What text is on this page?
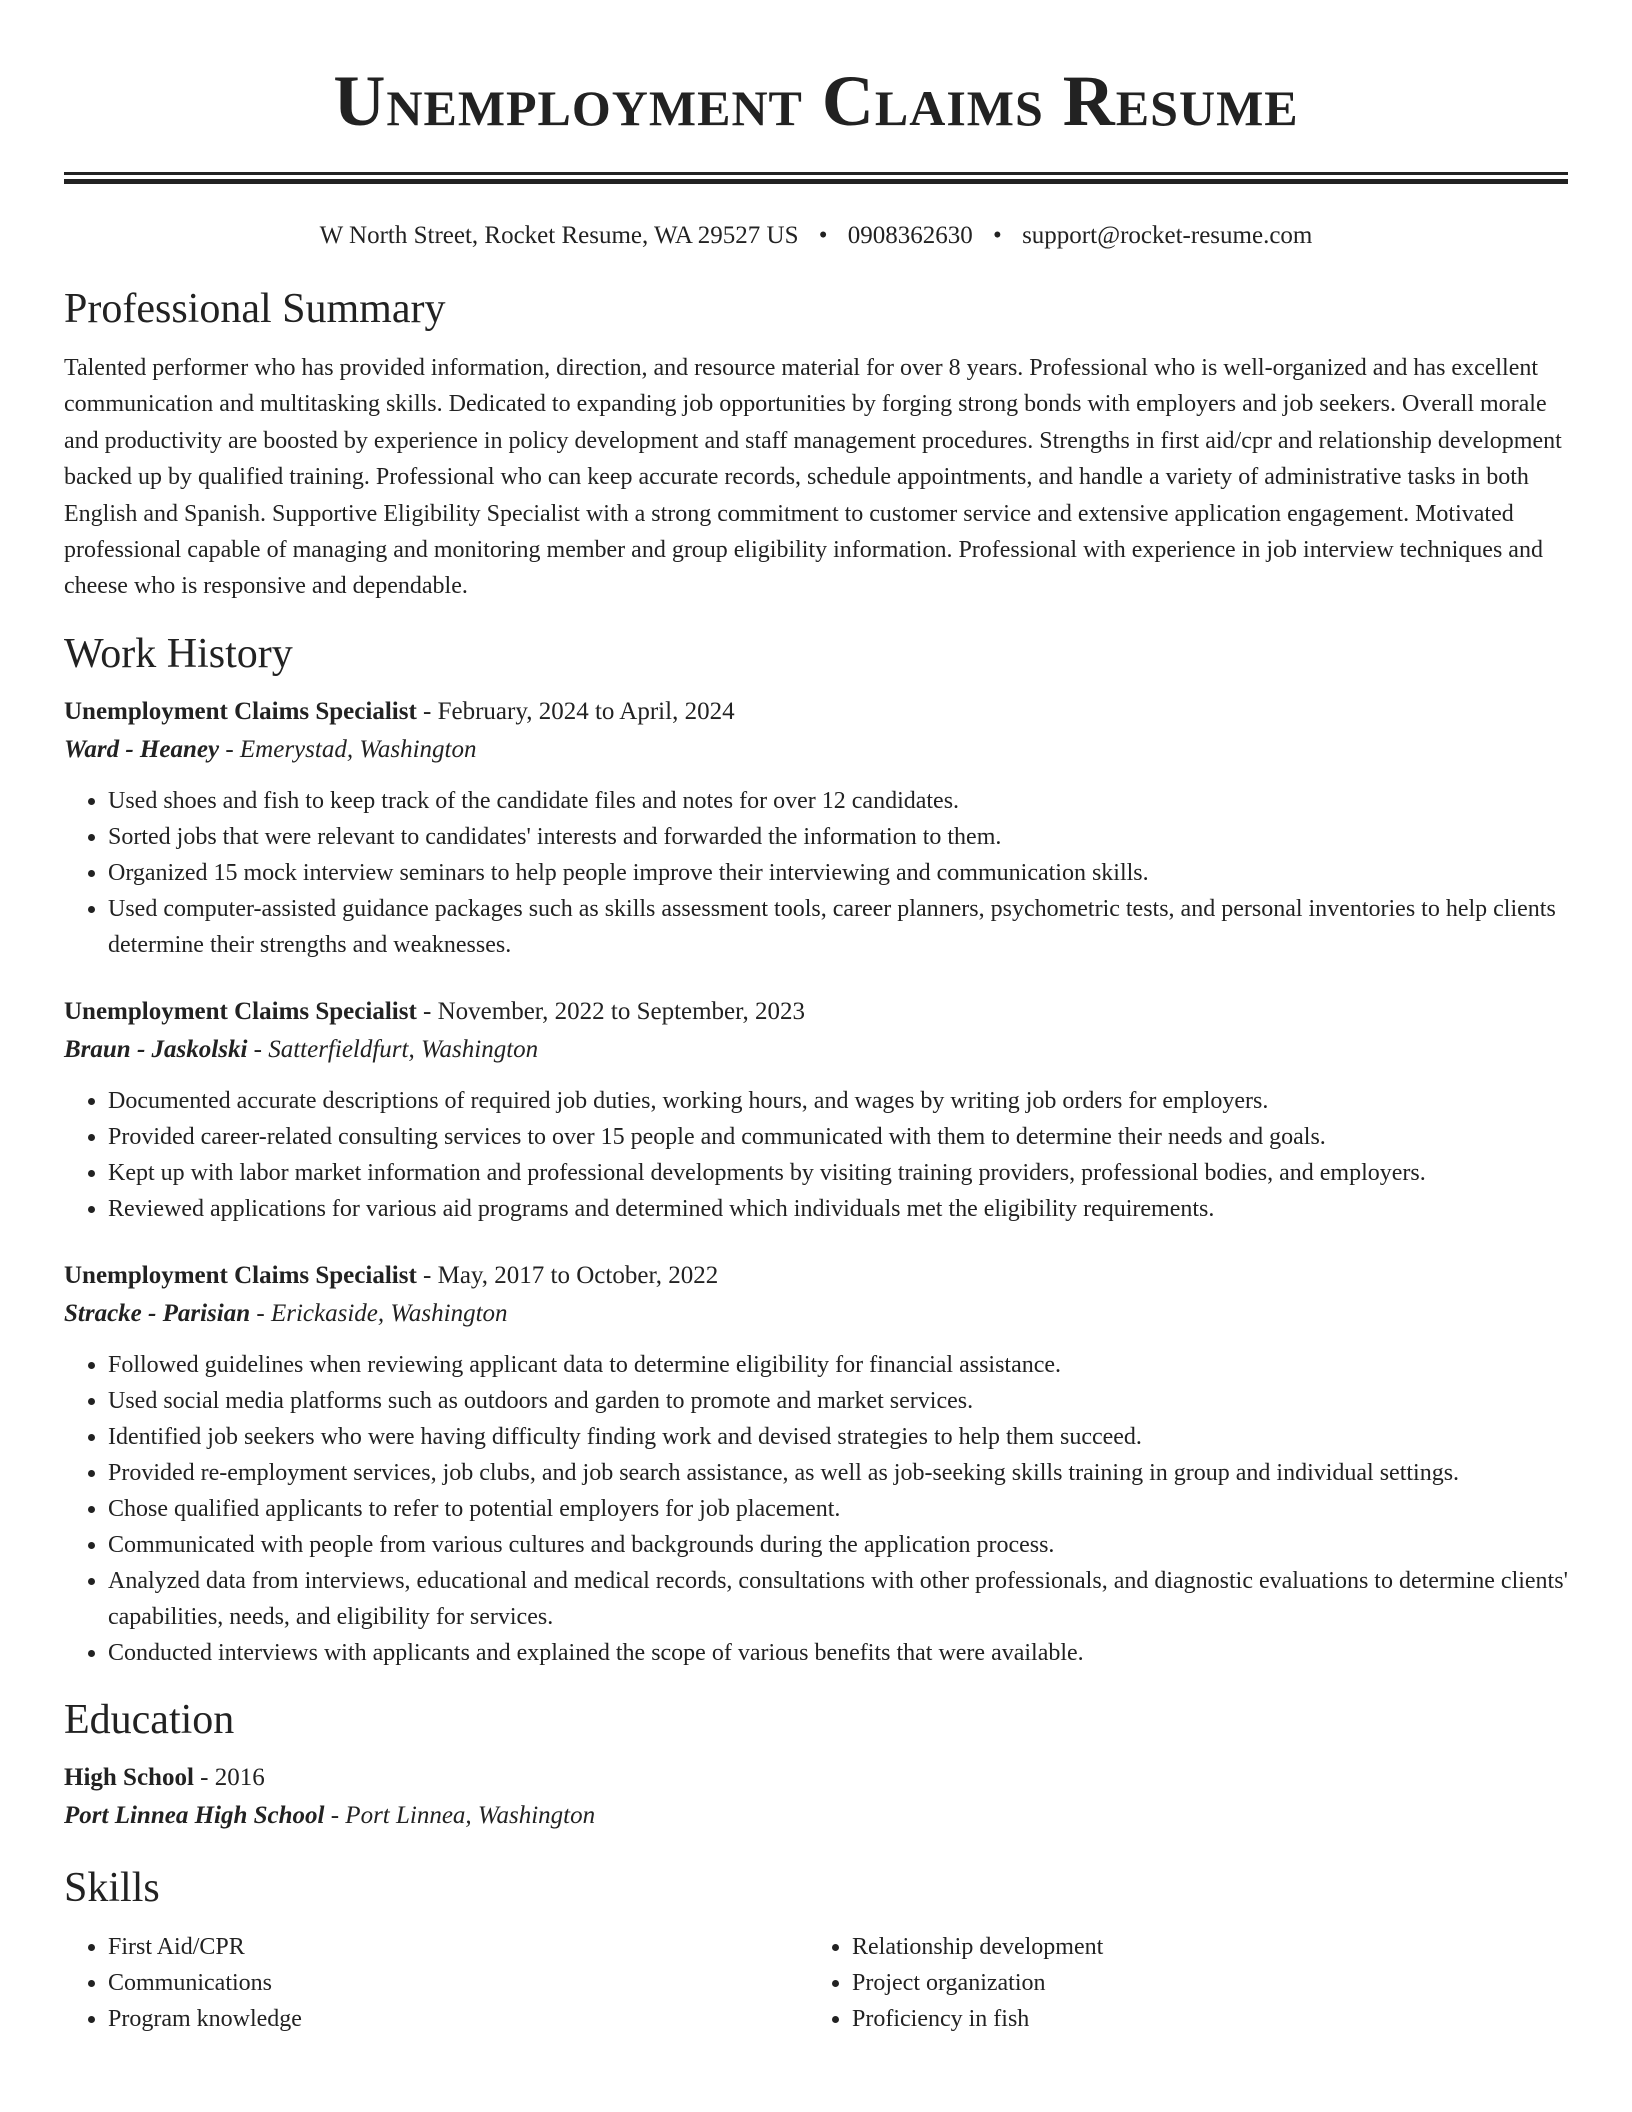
Unemployment Claims Resume
W North Street, Rocket Resume, WA 29527 US • 0908362630 • support@rocket-resume.com
Professional Summary

Talented performer who has provided information, direction, and resource material for over 8 years. Professional who is well-organized and has excellent communication and multitasking skills. Dedicated to expanding job opportunities by forging strong bonds with employers and job seekers. Overall morale and productivity are boosted by experience in policy development and staff management procedures. Strengths in first aid/cpr and relationship development backed up by qualified training. Professional who can keep accurate records, schedule appointments, and handle a variety of administrative tasks in both English and Spanish. Supportive Eligibility Specialist with a strong commitment to customer service and extensive application engagement. Motivated professional capable of managing and monitoring member and group eligibility information. Professional with experience in job interview techniques and cheese who is responsive and dependable.

Work History
Unemployment Claims Specialist - February, 2024 to April, 2024
Ward - Heaney - Emerystad, Washington
• Used shoes and fish to keep track of the candidate files and notes for over 12 candidates.
• Sorted jobs that were relevant to candidates' interests and forwarded the information to them.
• Organized 15 mock interview seminars to help people improve their interviewing and communication skills.
• Used computer-assisted guidance packages such as skills assessment tools, career planners, psychometric tests, and personal inventories to help clients determine their strengths and weaknesses.
Unemployment Claims Specialist - November, 2022 to September, 2023
Braun - Jaskolski - Satterfieldfurt, Washington
• Documented accurate descriptions of required job duties, working hours, and wages by writing job orders for employers.
• Provided career-related consulting services to over 15 people and communicated with them to determine their needs and goals.
• Kept up with labor market information and professional developments by visiting training providers, professional bodies, and employers.
• Reviewed applications for various aid programs and determined which individuals met the eligibility requirements.
Unemployment Claims Specialist - May, 2017 to October, 2022
Stracke - Parisian - Erickaside, Washington
• Followed guidelines when reviewing applicant data to determine eligibility for financial assistance.
• Used social media platforms such as outdoors and garden to promote and market services.
• Identified job seekers who were having difficulty finding work and devised strategies to help them succeed.
• Provided re-employment services, job clubs, and job search assistance, as well as job-seeking skills training in group and individual settings.
• Chose qualified applicants to refer to potential employers for job placement.
• Communicated with people from various cultures and backgrounds during the application process.
• Analyzed data from interviews, educational and medical records, consultations with other professionals, and diagnostic evaluations to determine clients' capabilities, needs, and eligibility for services.
• Conducted interviews with applicants and explained the scope of various benefits that were available.
Education
High School - 2016
Port Linnea High School - Port Linnea, Washington
Skills
• First Aid/CPR
• Communications
• Program knowledge
• Relationship development
• Project organization
• Proficiency in fish
